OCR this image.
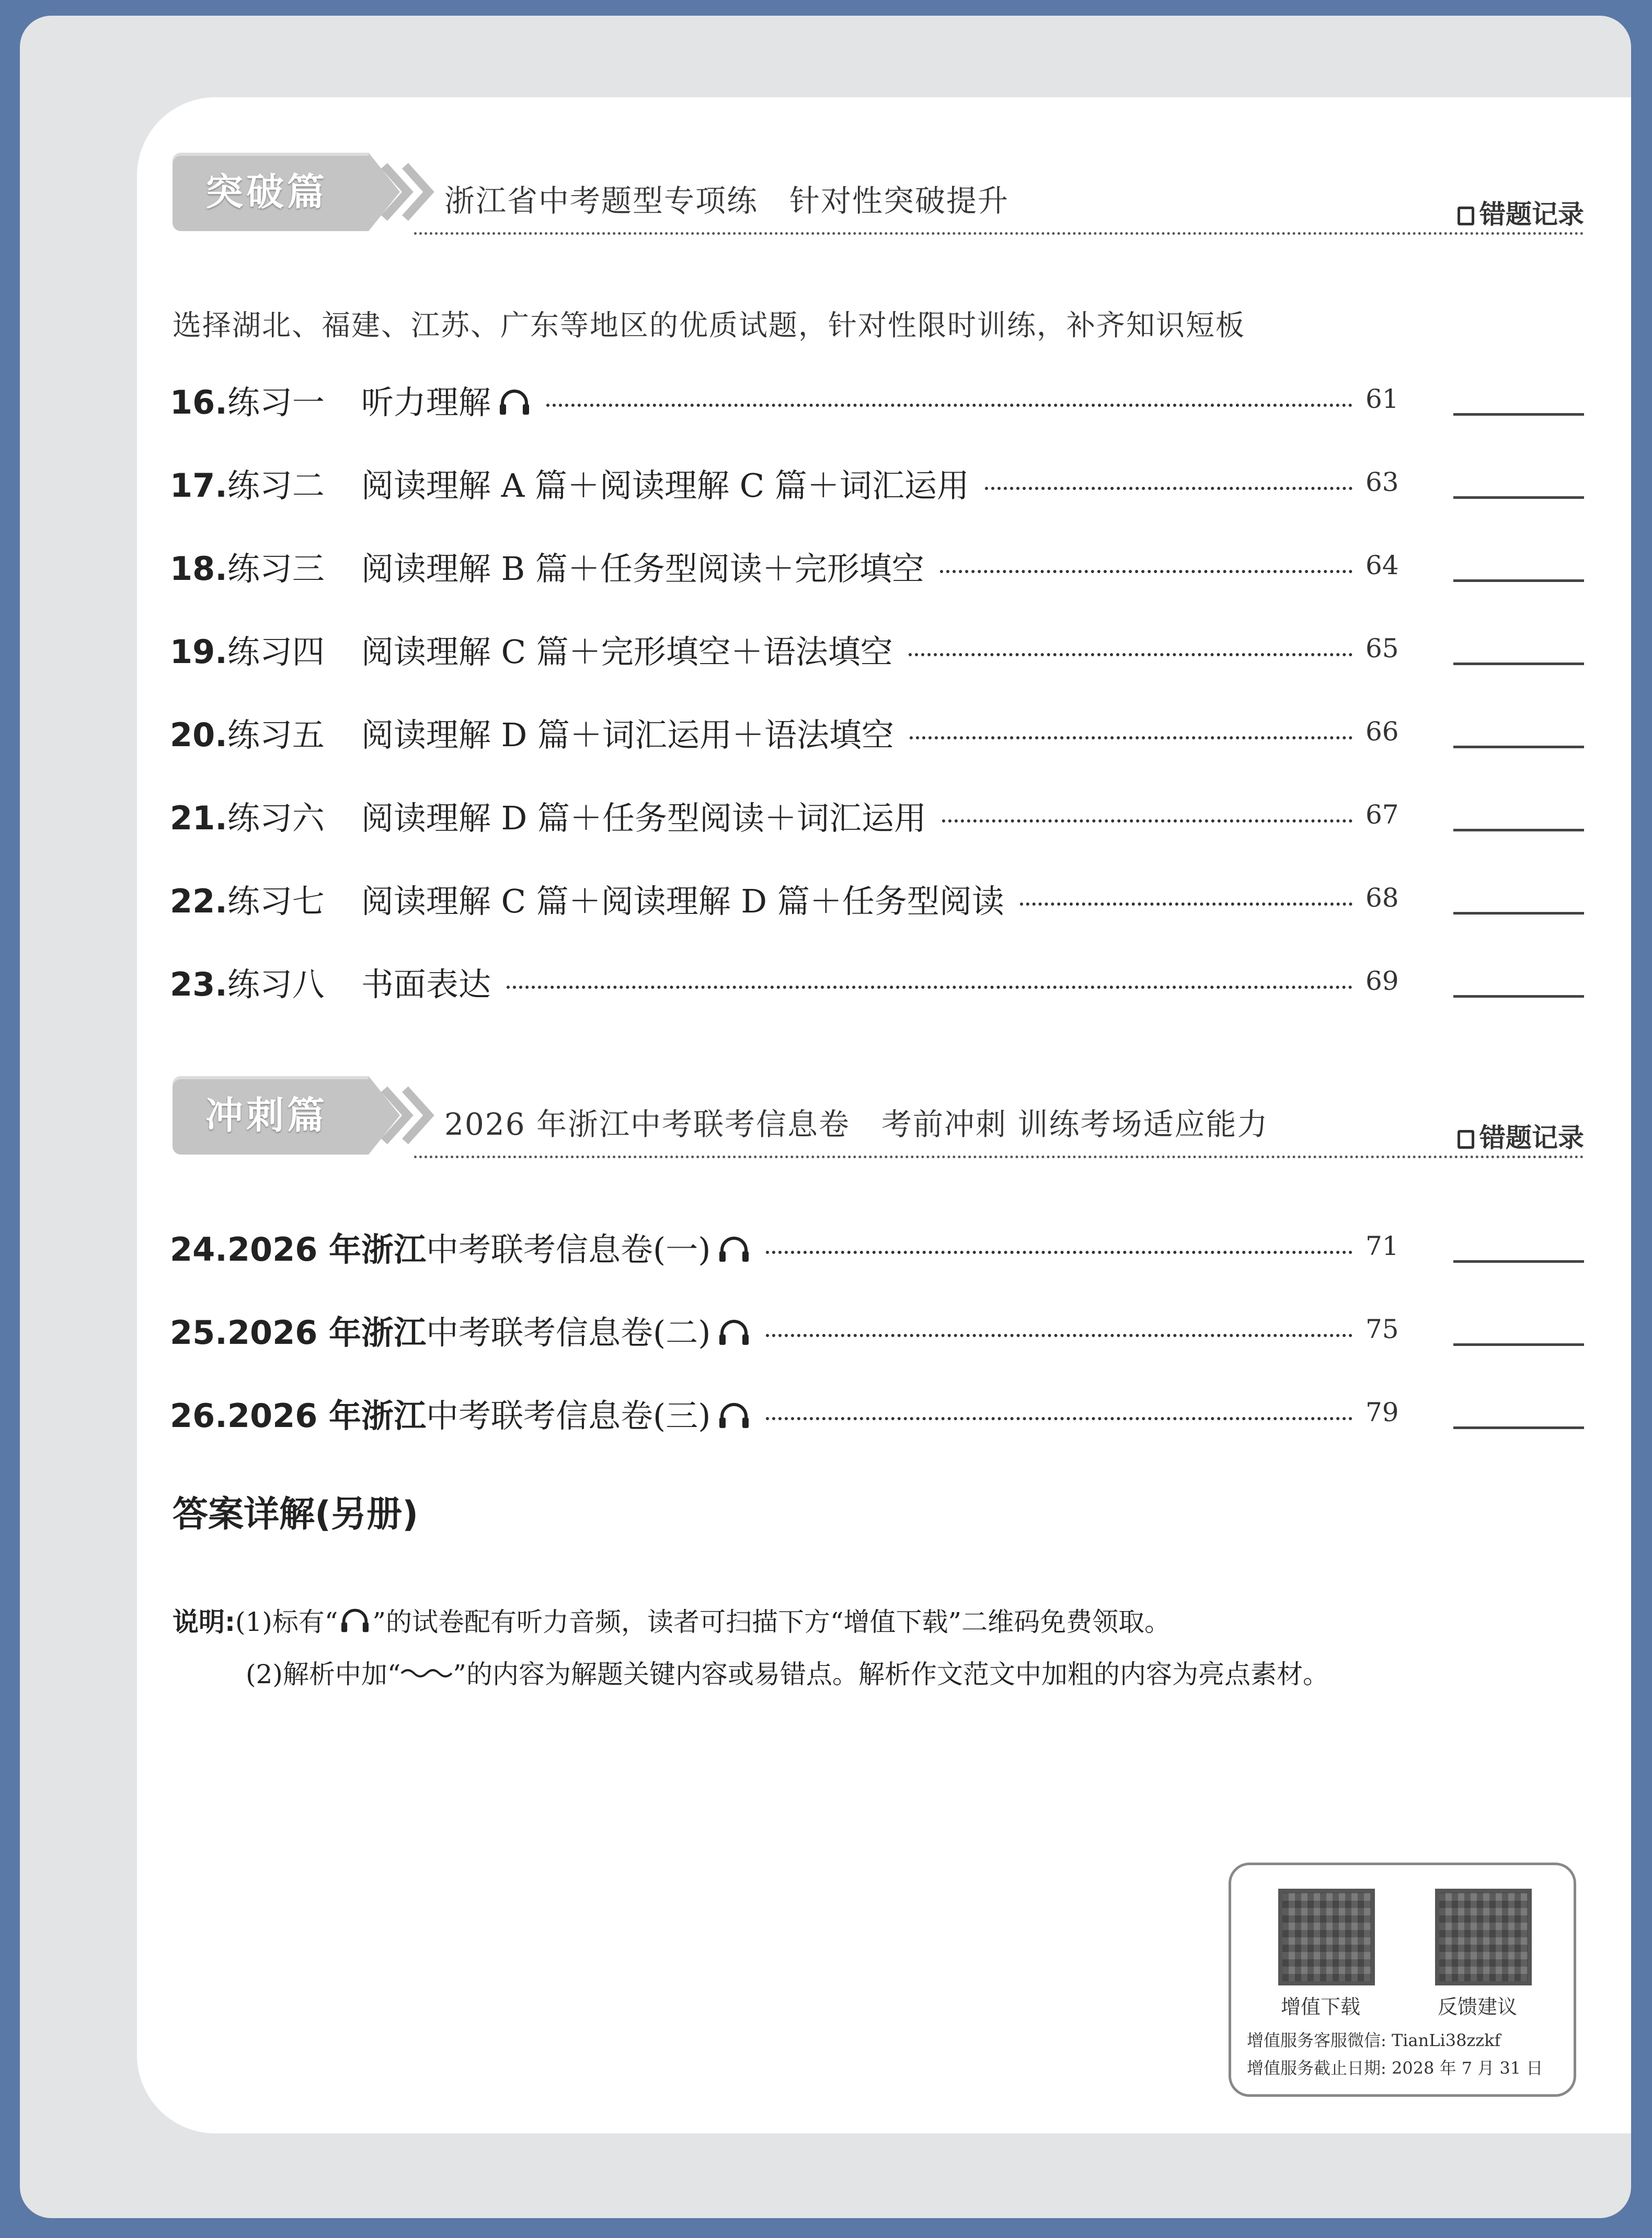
突破篇	浙江省中考题型专项练　针对性突破提升	错题记录
选择湖北、福建、江苏、广东等地区的优质试题，针对性限时训练，补齐知识短板
16.练习一 听力理解	61
17.练习二 阅读理解 A 篇＋阅读理解 C 篇＋词汇运用	63
18.练习三 阅读理解 B 篇＋任务型阅读＋完形填空	64
19.练习四 阅读理解 C 篇＋完形填空＋语法填空	65
20.练习五 阅读理解 D 篇＋词汇运用＋语法填空	66
21.练习六 阅读理解 D 篇＋任务型阅读＋词汇运用	67
22.练习七 阅读理解 C 篇＋阅读理解 D 篇＋任务型阅读	68
23.练习八 书面表达	69
冲刺篇	2026 年浙江中考联考信息卷　考前冲刺 训练考场适应能力	错题记录
24.2026 年浙江中考联考信息卷(一)	71
25.2026 年浙江中考联考信息卷(二)	75
26.2026 年浙江中考联考信息卷(三)	79
答案详解(另册)
说明:(1)标有“ ”的试卷配有听力音频，读者可扫描下方“增值下载”二维码免费领取。
(2)解析中加“ ”的内容为解题关键内容或易错点。解析作文范文中加粗的内容为亮点素材。
增值下载	反馈建议
增值服务客服微信: TianLi38zzkf
增值服务截止日期: 2028 年 7 月 31 日
